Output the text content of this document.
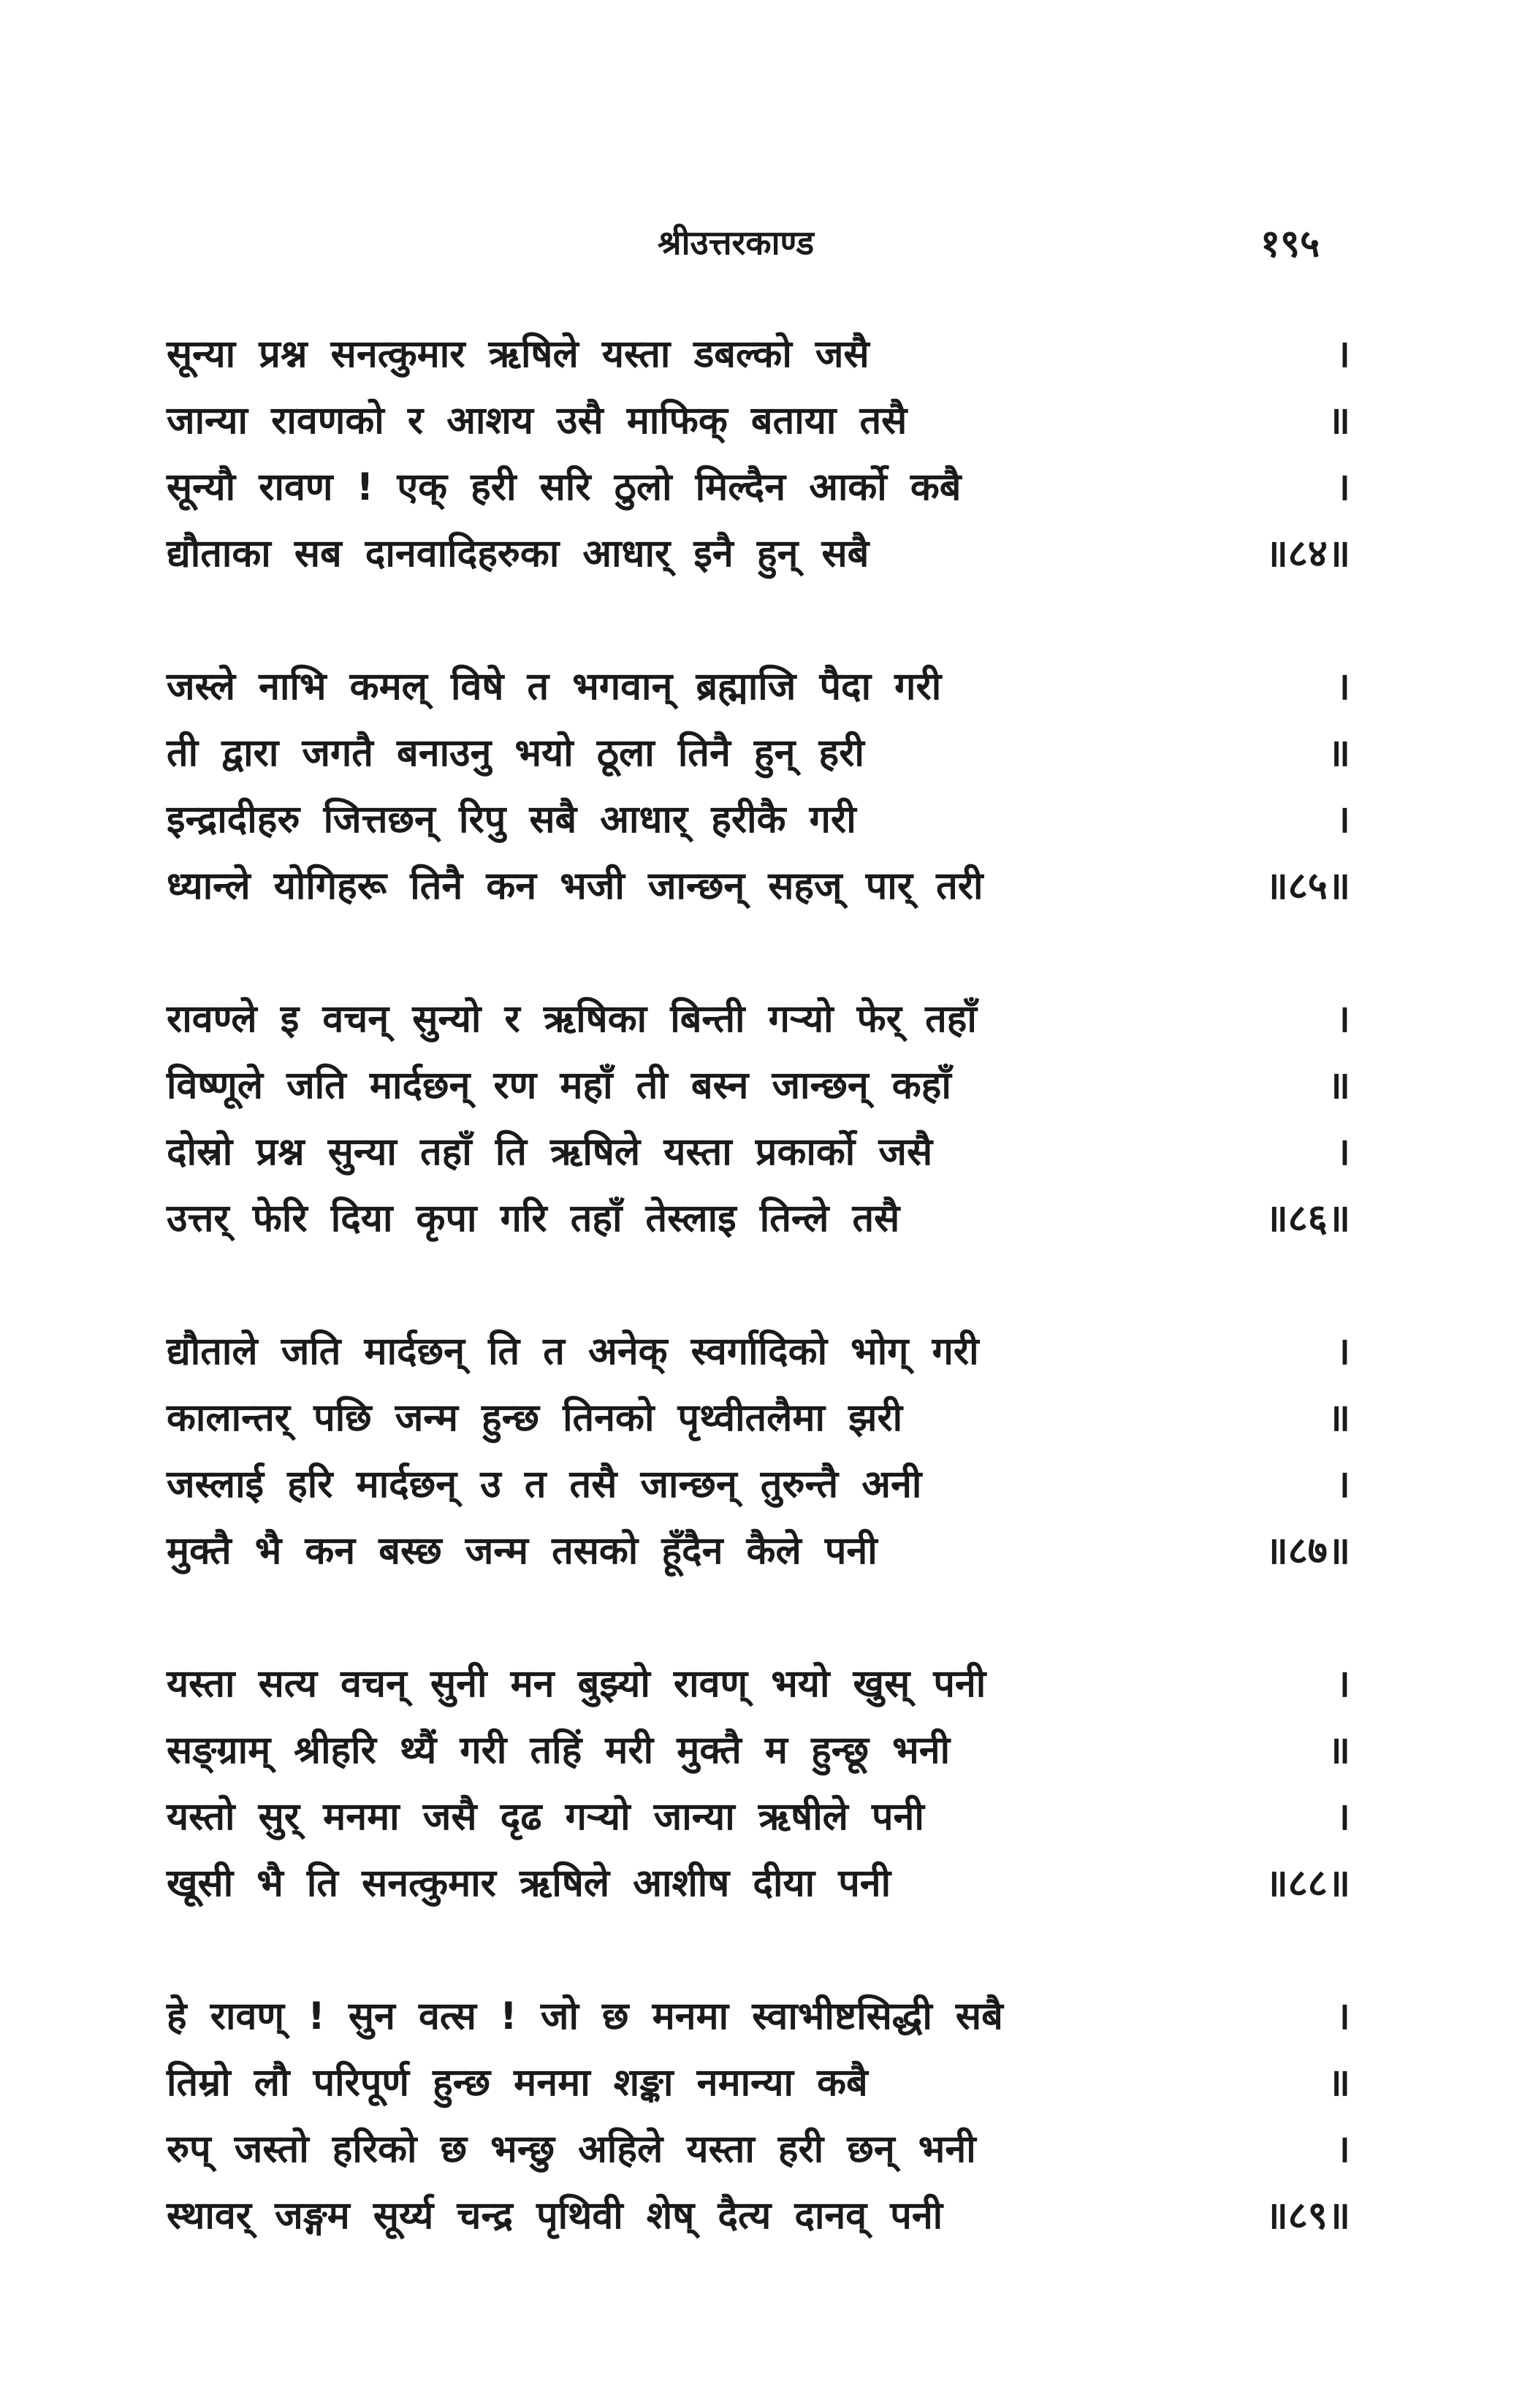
श्रीउत्तरकाण्ड	१९५
सून्या प्रश्न सनत्कुमार ऋषिले यस्ता डबल्को जसै	।
जान्या रावणको र आशय उसै माफिक् बताया तसै	॥
सून्यौ रावण ! एक् हरी सरि ठुलो मिल्दैन आर्को कबै	।
द्यौताका सब दानवादिहरुका आधार् इनै हुन् सबै	॥८४॥
जस्ले नाभि कमल् विषे त भगवान् ब्रह्माजि पैदा गरी	।
ती द्वारा जगतै बनाउनु भयो ठूला तिनै हुन् हरी	॥
इन्द्रादीहरु जित्तछन् रिपु सबै आधार् हरीकै गरी	।
ध्यान्ले योगिहरू तिनै कन भजी जान्छन् सहज् पार् तरी	॥८५॥
रावण्ले इ वचन् सुन्यो र ऋषिका बिन्ती गऱ्यो फेर् तहाँ	।
विष्णूले जति मार्दछन् रण महाँ ती बस्न जान्छन् कहाँ	॥
दोस्रो प्रश्न सुन्या तहाँ ति ऋषिले यस्ता प्रकार्को जसै	।
उत्तर् फेरि दिया कृपा गरि तहाँ तेस्लाइ तिन्ले तसै	॥८६॥
द्यौताले जति मार्दछन् ति त अनेक् स्वर्गादिको भोग् गरी	।
कालान्तर् पछि जन्म हुन्छ तिनको पृथ्वीतलैमा झरी	॥
जस्लाई हरि मार्दछन् उ त तसै जान्छन् तुरुन्तै अनी	।
मुक्तै भै कन बस्छ जन्म तसको हूँदैन कैले पनी	॥८७॥
यस्ता सत्य वचन् सुनी मन बुझ्यो रावण् भयो खुस् पनी	।
सङ्ग्राम् श्रीहरि थ्यैं गरी तहिं मरी मुक्तै म हुन्छू भनी	॥
यस्तो सुर् मनमा जसै दृढ गऱ्यो जान्या ऋषीले पनी	।
खूसी भै ति सनत्कुमार ऋषिले आशीष दीया पनी	॥८८॥
हे रावण् ! सुन वत्स ! जो छ मनमा स्वाभीष्टसिद्धी सबै	।
तिम्रो लौ परिपूर्ण हुन्छ मनमा शङ्का नमान्या कबै	॥
रुप् जस्तो हरिको छ भन्छु अहिले यस्ता हरी छन् भनी	।
स्थावर् जङ्गम सूर्य्य चन्द्र पृथिवी शेष् दैत्य दानव् पनी	॥८९॥
